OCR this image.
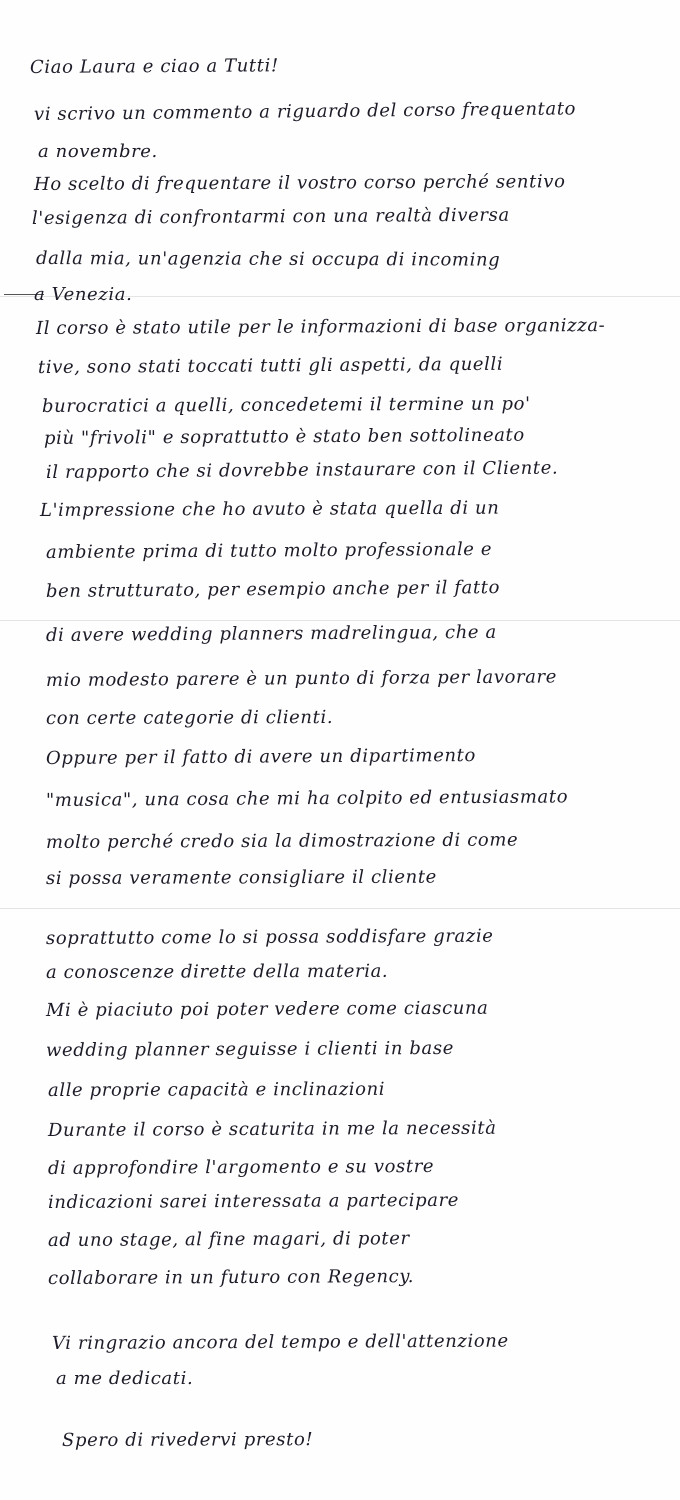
Ciao Laura e ciao a Tutti!

vi scrivo un commento a riguardo del corso frequentato

a novembre.

Ho scelto di frequentare il vostro corso perché sentivo

l'esigenza di confrontarmi con una realtà diversa

dalla mia, un'agenzia che si occupa di incoming

a Venezia.

Il corso è stato utile per le informazioni di base organizza-

tive, sono stati toccati tutti gli aspetti, da quelli

burocratici a quelli, concedetemi il termine un po'

più "frivoli" e soprattutto è stato ben sottolineato

il rapporto che si dovrebbe instaurare con il Cliente.

L'impressione che ho avuto è stata quella di un

ambiente prima di tutto molto professionale e

ben strutturato, per esempio anche per il fatto

di avere wedding planners madrelingua, che a

mio modesto parere è un punto di forza per lavorare

con certe categorie di clienti.

Oppure per il fatto di avere un dipartimento

"musica", una cosa che mi ha colpito ed entusiasmato

molto perché credo sia la dimostrazione di come

si possa veramente consigliare il cliente

soprattutto come lo si possa soddisfare grazie

a conoscenze dirette della materia.

Mi è piaciuto poi poter vedere come ciascuna

wedding planner seguisse i clienti in base

alle proprie capacità e inclinazioni

Durante il corso è scaturita in me la necessità

di approfondire l'argomento e su vostre

indicazioni sarei interessata a partecipare

ad uno stage, al fine magari, di poter

collaborare in un futuro con Regency.

Vi ringrazio ancora del tempo e dell'attenzione

a me dedicati.

Spero di rivedervi presto!
